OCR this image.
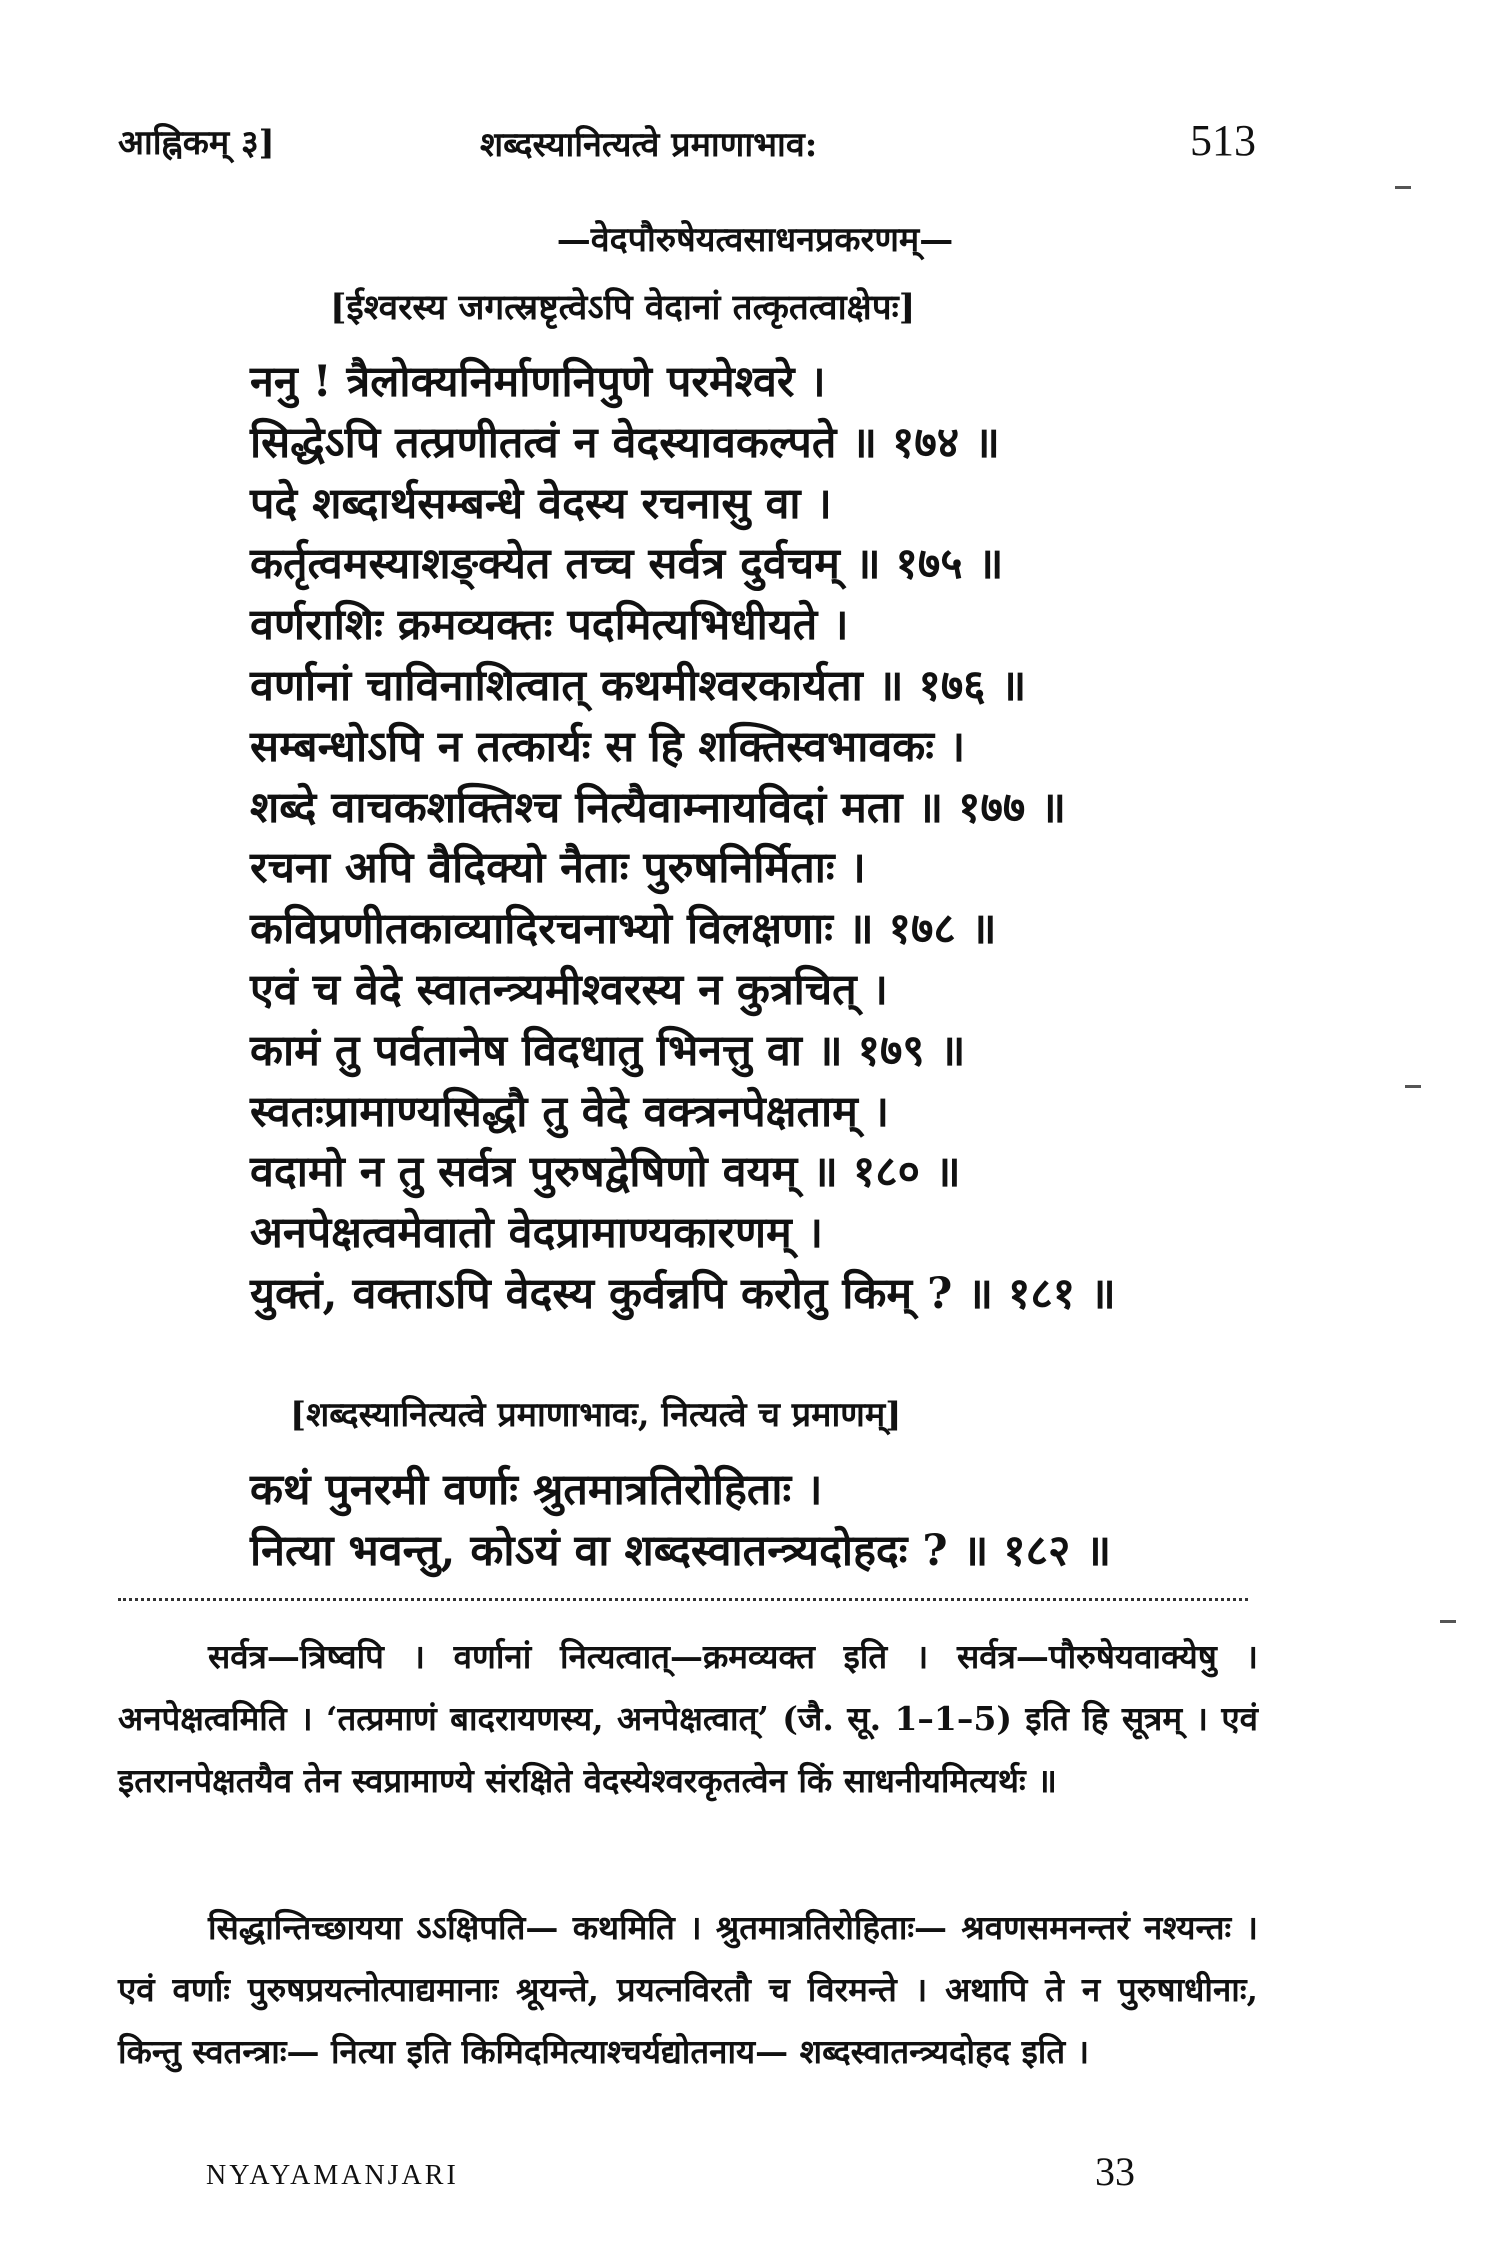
आह्निकम् ३]	शब्दस्यानित्यत्वे प्रमाणाभाव:	513
—वेदपौरुषेयत्वसाधनप्रकरणम्—
[ईश्वरस्य जगत्स्रष्टृत्वेऽपि वेदानां तत्कृतत्वाक्षेपः]
ननु ! त्रैलोक्यनिर्माणनिपुणे परमेश्वरे ।
सिद्धेऽपि तत्प्रणीतत्वं न वेदस्यावकल्पते ॥ १७४ ॥
पदे शब्दार्थसम्बन्धे वेदस्य रचनासु वा ।
कर्तृत्वमस्याशङ्क्येत तच्च सर्वत्र दुर्वचम् ॥ १७५ ॥
वर्णराशिः क्रमव्यक्तः पदमित्यभिधीयते ।
वर्णानां चाविनाशित्वात् कथमीश्वरकार्यता ॥ १७६ ॥
सम्बन्धोऽपि न तत्कार्यः स हि शक्तिस्वभावकः ।
शब्दे वाचकशक्तिश्च नित्यैवाम्नायविदां मता ॥ १७७ ॥
रचना अपि वैदिक्यो नैताः पुरुषनिर्मिताः ।
कविप्रणीतकाव्यादिरचनाभ्यो विलक्षणाः ॥ १७८ ॥
एवं च वेदे स्वातन्त्र्यमीश्वरस्य न कुत्रचित् ।
कामं तु पर्वतानेष विदधातु भिनत्तु वा ॥ १७९ ॥
स्वतःप्रामाण्यसिद्धौ तु वेदे वक्त्रनपेक्षताम् ।
वदामो न तु सर्वत्र पुरुषद्वेषिणो वयम् ॥ १८० ॥
अनपेक्षत्वमेवातो वेदप्रामाण्यकारणम् ।
युक्तं, वक्ताऽपि वेदस्य कुर्वन्नपि करोतु किम् ? ॥ १८१ ॥
[शब्दस्यानित्यत्वे प्रमाणाभावः, नित्यत्वे च प्रमाणम्]
कथं पुनरमी वर्णाः श्रुतमात्रतिरोहिताः ।
नित्या भवन्तु, कोऽयं वा शब्दस्वातन्त्र्यदोहदः ? ॥ १८२ ॥
सर्वत्र—त्रिष्वपि । वर्णानां नित्यत्वात्—क्रमव्यक्त इति । सर्वत्र—पौरुषेयवाक्येषु । अनपेक्षत्वमिति । ‘तत्प्रमाणं बादरायणस्य, अनपेक्षत्वात्’ (जै. सू. 1–1–5) इति हि सूत्रम् । एवं इतरानपेक्षतयैव तेन स्वप्रामाण्ये संरक्षिते वेदस्येश्वरकृतत्वेन किं साधनीयमित्यर्थः ॥
सिद्धान्तिच्छायया ऽऽक्षिपति— कथमिति । श्रुतमात्रतिरोहिताः— श्रवणसमनन्तरं नश्यन्तः । एवं वर्णाः पुरुषप्रयत्नोत्पाद्यमानाः श्रूयन्ते, प्रयत्नविरतौ च विरमन्ते । अथापि ते न पुरुषाधीनाः, किन्तु स्वतन्त्राः— नित्या इति किमिदमित्याश्चर्यद्योतनाय— शब्दस्वातन्त्र्यदोहद इति ।
NYAYAMANJARI	33
